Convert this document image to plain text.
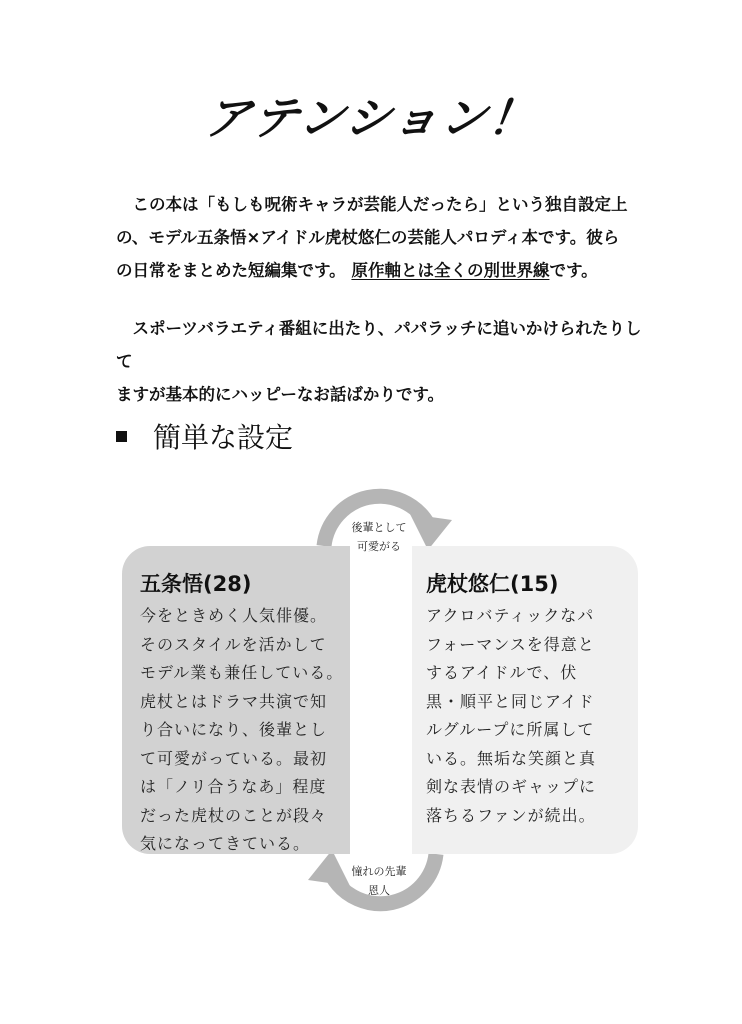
アテンション！
この本は「もしも呪術キャラが芸能人だったら」という独自設定上
の、モデル五条悟×アイドル虎杖悠仁の芸能人パロディ本です。彼ら
の日常をまとめた短編集です。 原作軸とは全くの別世界線です。
スポーツバラエティ番組に出たり、パパラッチに追いかけられたりして
ますが基本的にハッピーなお話ばかりです。
簡単な設定
五条悟(28)

今をときめく人気俳優。
そのスタイルを活かして
モデル業も兼任している。
虎杖とはドラマ共演で知
り合いになり、後輩とし
て可愛がっている。最初
は「ノリ合うなあ」程度
だった虎杖のことが段々
気になってきている。

虎杖悠仁(15)

アクロバティックなパ
フォーマンスを得意と
するアイドルで、伏
黒・順平と同じアイド
ルグループに所属して
いる。無垢な笑顔と真
剣な表情のギャップに
落ちるファンが続出。

後輩として
可愛がる
憧れの先輩
恩人
